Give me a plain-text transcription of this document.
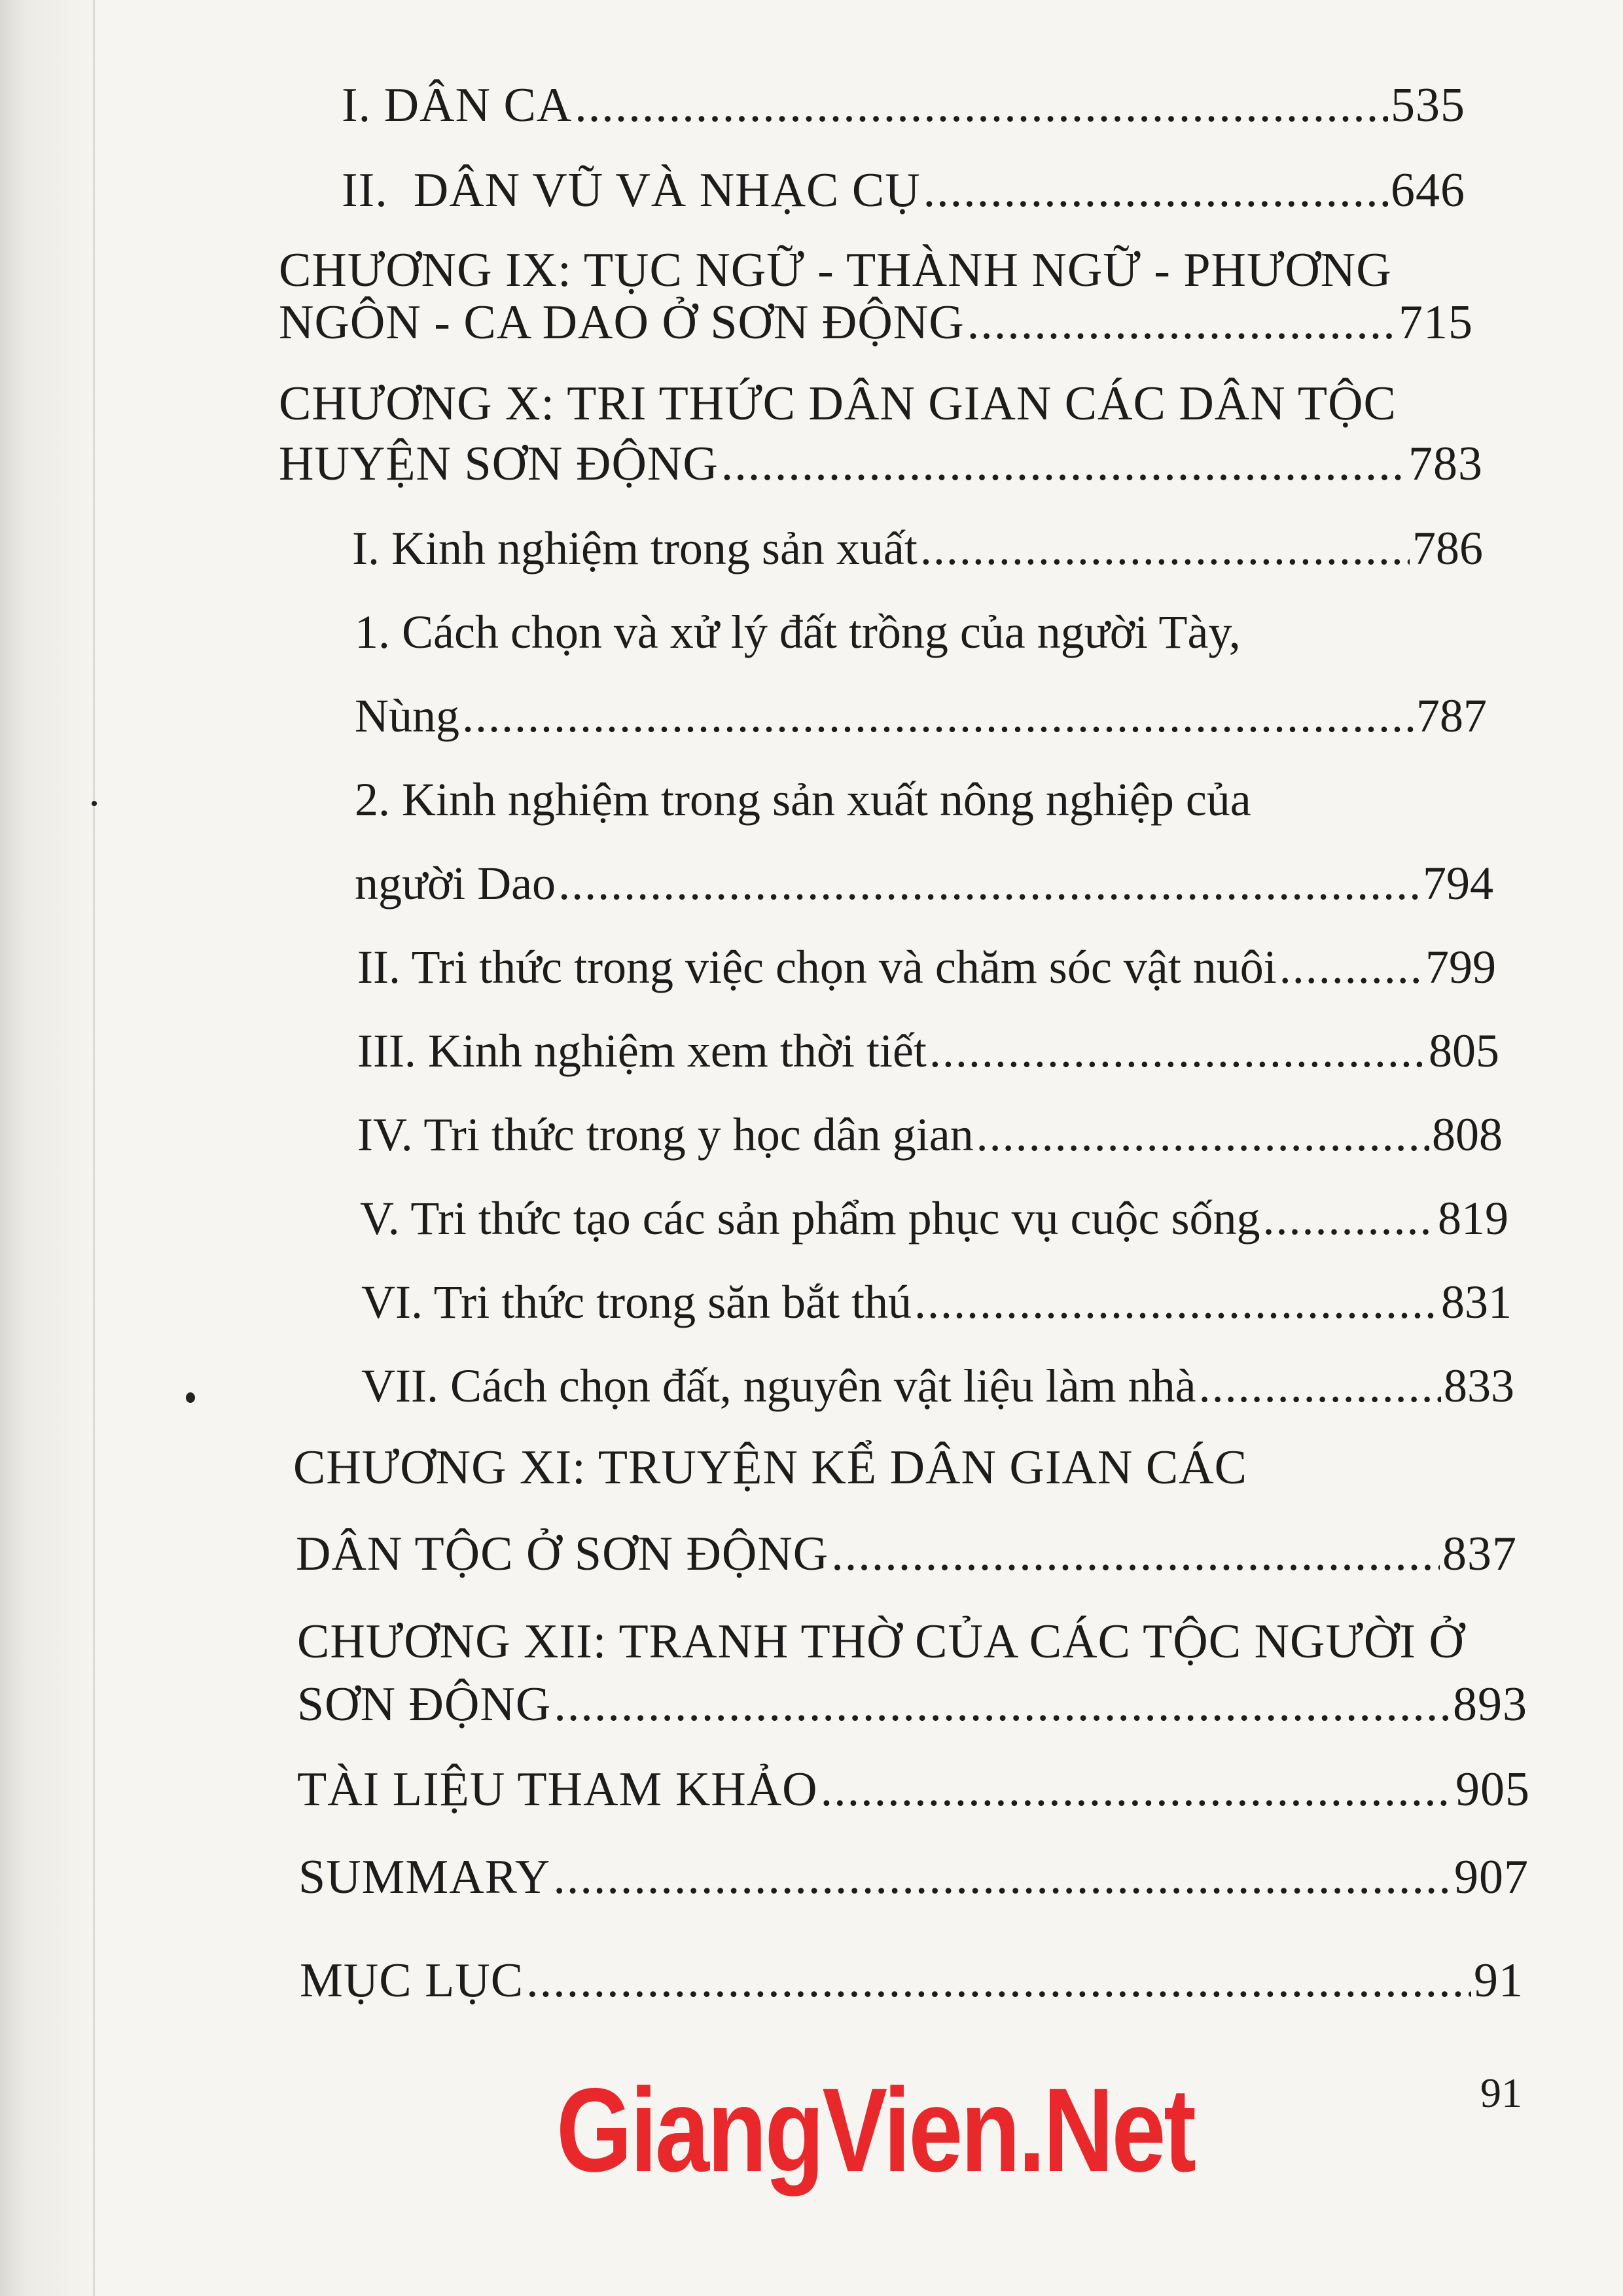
I. DÂN CA .....	535
II.  DÂN VŨ VÀ NHẠC CỤ .....	646
CHƯƠNG IX: TỤC NGỮ - THÀNH NGỮ - PHƯƠNG
NGÔN - CA DAO Ở SƠN ĐỘNG .....	715
CHƯƠNG X: TRI THỨC DÂN GIAN CÁC DÂN TỘC
HUYỆN SƠN ĐỘNG .....	783
I. Kinh nghiệm trong sản xuất .....	786
1. Cách chọn và xử lý đất trồng của người Tày,
Nùng .....	787
2. Kinh nghiệm trong sản xuất nông nghiệp của
người Dao .....	794
II. Tri thức trong việc chọn và chăm sóc vật nuôi .....	799
III. Kinh nghiệm xem thời tiết .....	805
IV. Tri thức trong y học dân gian .....	808
V. Tri thức tạo các sản phẩm phục vụ cuộc sống .....	819
VI. Tri thức trong săn bắt thú .....	831
VII. Cách chọn đất, nguyên vật liệu làm nhà .....	833
CHƯƠNG XI: TRUYỆN KỂ DÂN GIAN CÁC
DÂN TỘC Ở SƠN ĐỘNG .....	837
CHƯƠNG XII: TRANH THỜ CỦA CÁC TỘC NGƯỜI Ở
SƠN ĐỘNG .....	893
TÀI LIỆU THAM KHẢO .....	905
SUMMARY .....	907
MỤC LỤC .....	91
91
GiangVien.Net
